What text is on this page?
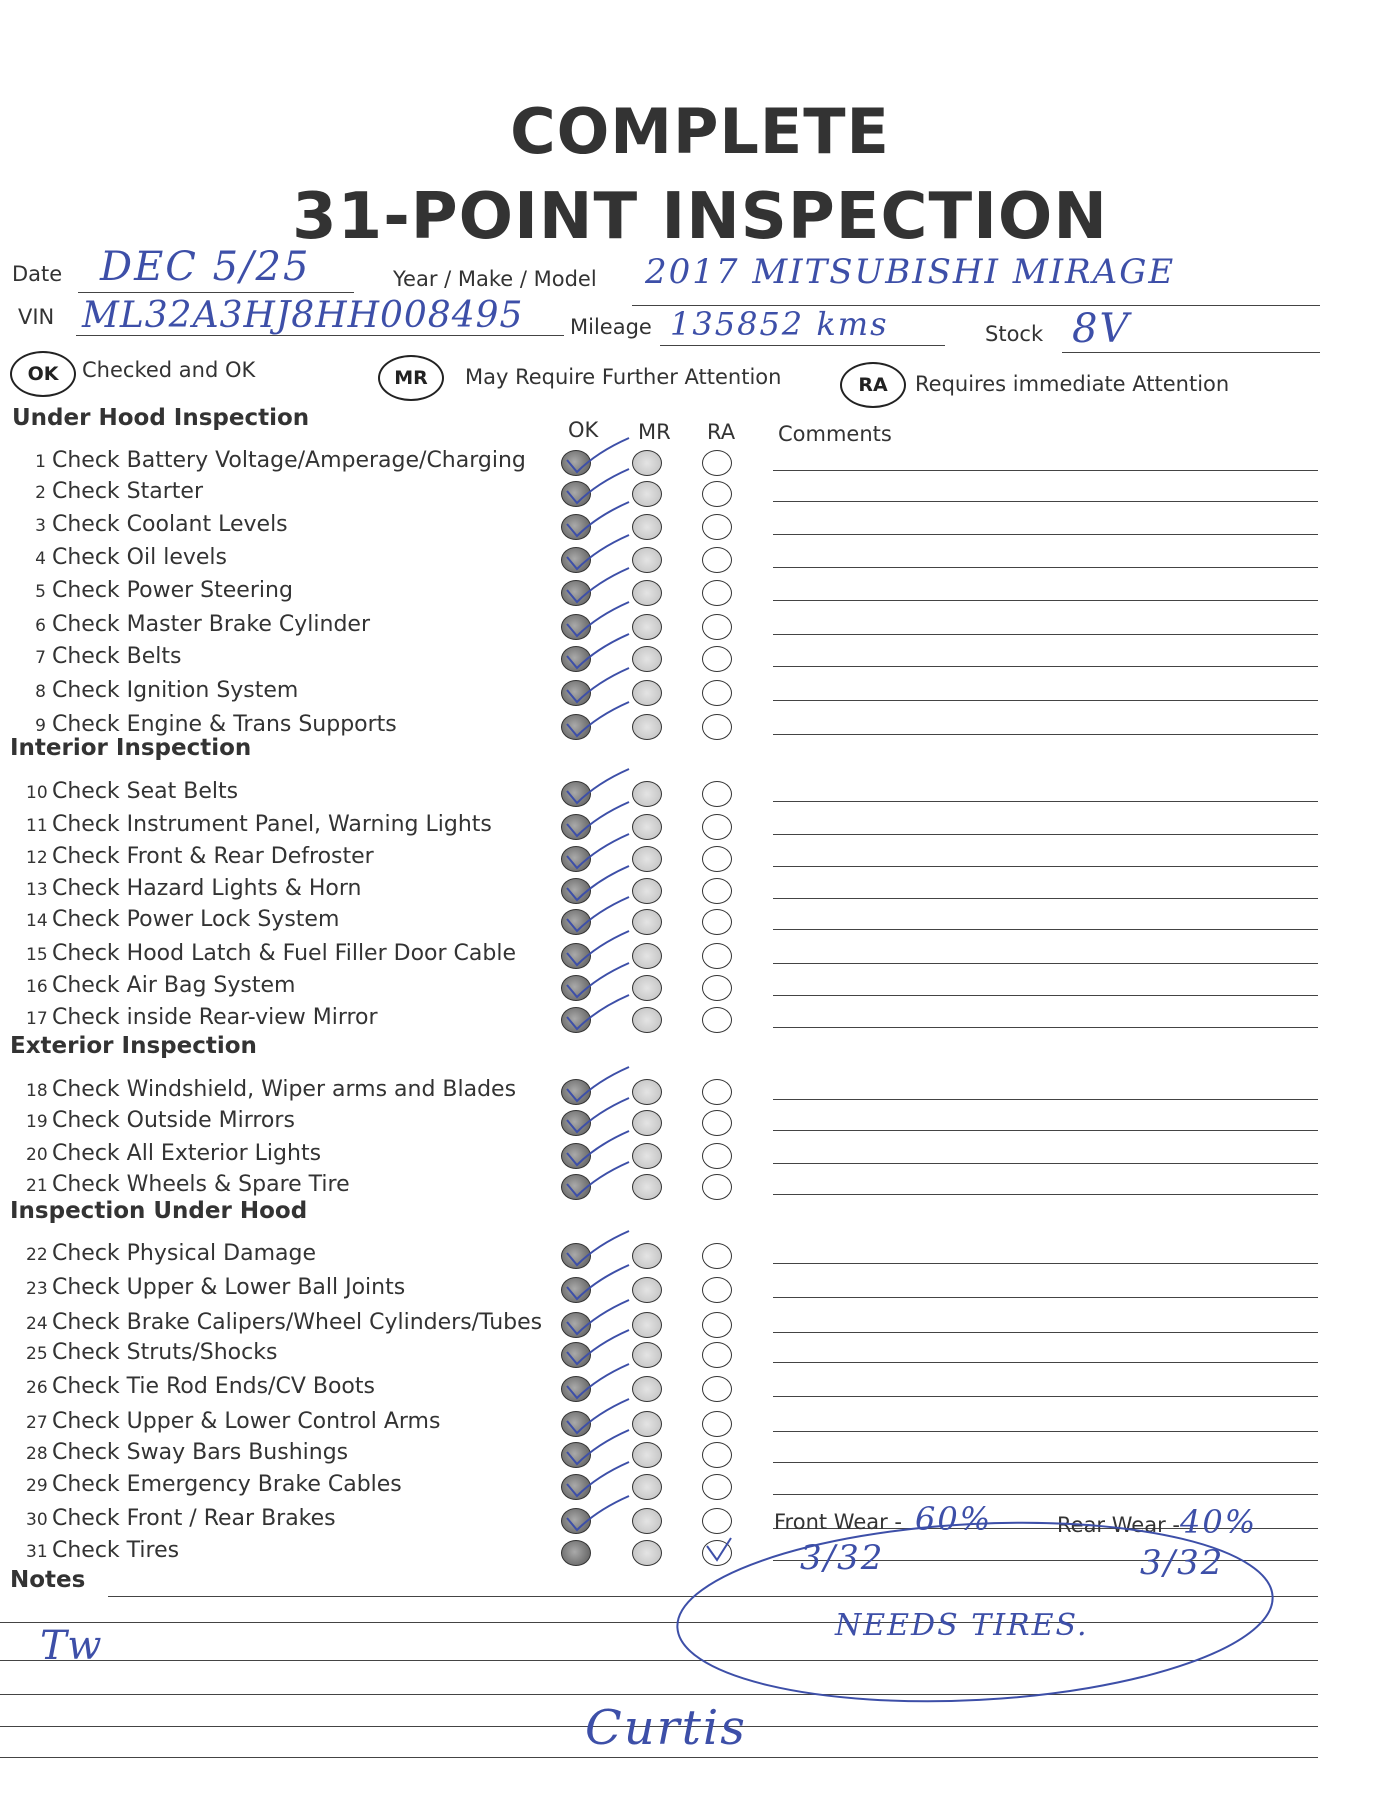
COMPLETE
31-POINT INSPECTION
Date DEC 5/25	Year / Make / Model 2017 MITSUBISHI MIRAGE
VIN ML32A3HJ8HH008495 Mileage 135852 kms	Stock 8V
OK	Checked and OK	MR	May Require Further Attention	RA	Requires immediate Attention
OK MR RA Comments
Under Hood Inspection
1 Check Battery Voltage/Amperage/Charging
2 Check Starter
3 Check Coolant Levels
4 Check Oil levels
5 Check Power Steering
6 Check Master Brake Cylinder
7 Check Belts
8 Check Ignition System
9 Check Engine & Trans Supports
Interior Inspection
10 Check Seat Belts
11 Check Instrument Panel, Warning Lights
12 Check Front & Rear Defroster
13 Check Hazard Lights & Horn
14 Check Power Lock System
15 Check Hood Latch & Fuel Filler Door Cable
16 Check Air Bag System
17 Check inside Rear-view Mirror
Exterior Inspection
18 Check Windshield, Wiper arms and Blades
19 Check Outside Mirrors
20 Check All Exterior Lights
21 Check Wheels & Spare Tire
Inspection Under Hood
22 Check Physical Damage
23 Check Upper & Lower Ball Joints
24 Check Brake Calipers/Wheel Cylinders/Tubes
25 Check Struts/Shocks
26 Check Tie Rod Ends/CV Boots
27 Check Upper & Lower Control Arms
28 Check Sway Bars Bushings
29 Check Emergency Brake Cables
30 Check Front / Rear Brakes
31 Check Tires
Front Wear - 60%	Rear Wear - 40%
3/32	3/32
Notes
NEEDS TIRES.
Tw
Curtis
